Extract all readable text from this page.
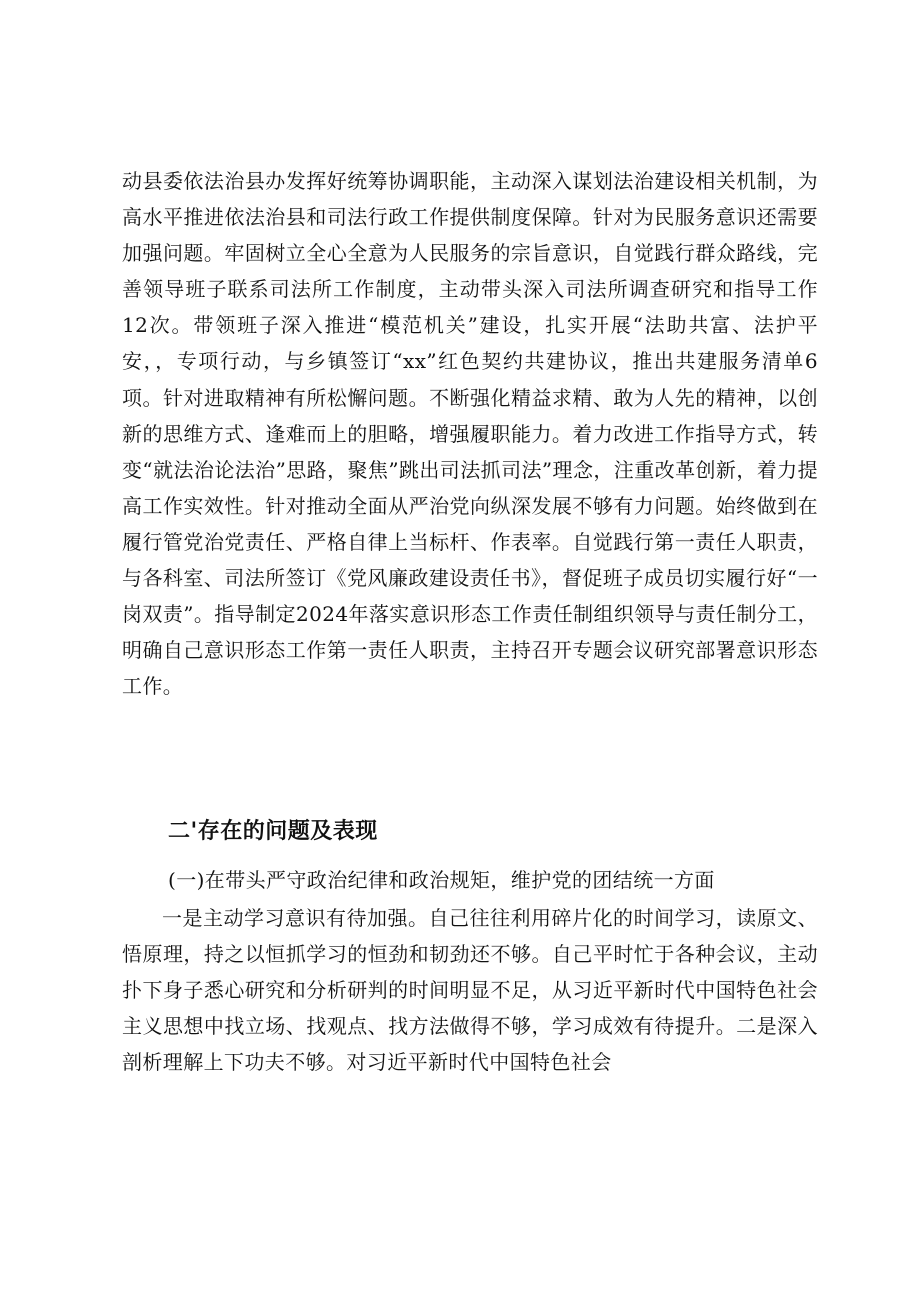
动县委依法治县办发挥好统筹协调职能，主动深入谋划法治建设相关机制，为高水平推进依法治县和司法行政工作提供制度保障。针对为民服务意识还需要加强问题。牢固树立全心全意为人民服务的宗旨意识，自觉践行群众路线，完善领导班子联系司法所工作制度，主动带头深入司法所调查研究和指导工作12次。带领班子深入推进“模范机关”建设，扎实开展“法助共富、法护平安，，专项行动，与乡镇签订“xx”红色契约共建协议，推出共建服务清单6项。针对进取精神有所松懈问题。不断强化精益求精、敢为人先的精神，以创新的思维方式、逢难而上的胆略，增强履职能力。着力改进工作指导方式，转变“就法治论法治”思路，聚焦”跳出司法抓司法”理念，注重改革创新，着力提高工作实效性。针对推动全面从严治党向纵深发展不够有力问题。始终做到在履行管党治党责任、严格自律上当标杆、作表率。自觉践行第一责任人职责，与各科室、司法所签订《党风廉政建设责任书》，督促班子成员切实履行好“一岗双责”。指导制定2024年落实意识形态工作责任制组织领导与责任制分工，明确自己意识形态工作第一责任人职责，主持召开专题会议研究部署意识形态工作。
二'存在的问题及表现
(一)在带头严守政治纪律和政治规矩，维护党的团结统一方面
一是主动学习意识有待加强。自己往往利用碎片化的时间学习，读原文、悟原理，持之以恒抓学习的恒劲和韧劲还不够。自己平时忙于各种会议，主动扑下身子悉心研究和分析研判的时间明显不足，从习近平新时代中国特色社会主义思想中找立场、找观点、找方法做得不够，学习成效有待提升。二是深入剖析理解上下功夫不够。对习近平新时代中国特色社会
